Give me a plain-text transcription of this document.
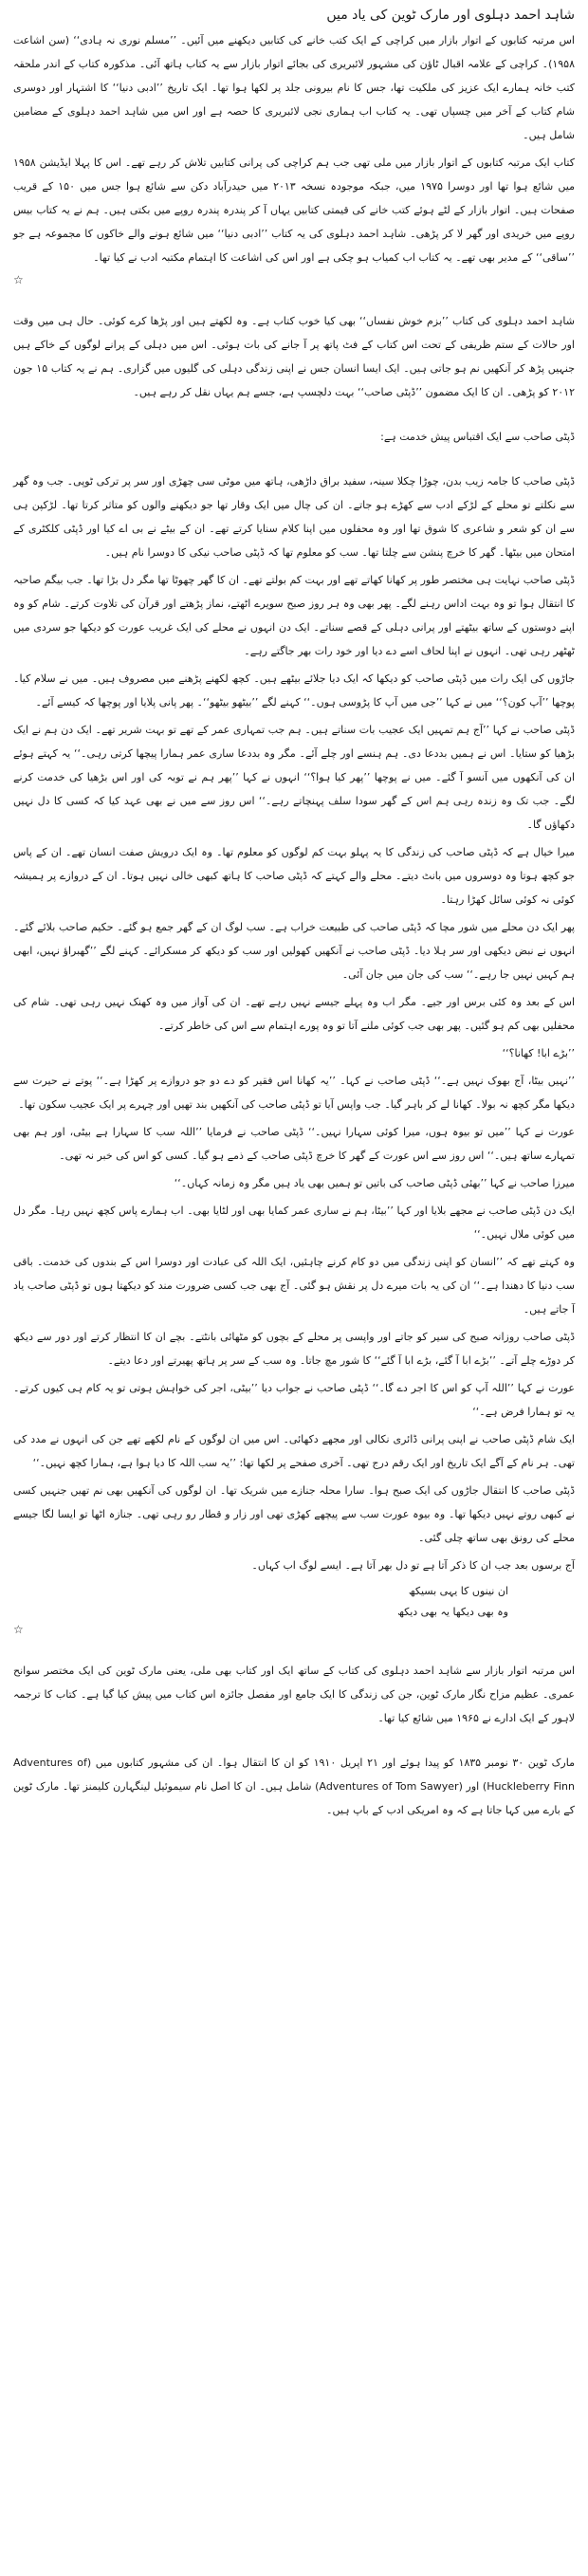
شاہد احمد دہلوی اور مارک ٹوین کی یاد میں

اس مرتبہ کتابوں کے اتوار بازار میں کراچی کے ایک کتب خانے کی کتابیں دیکھنے میں آئیں۔ ’’مسلم نوری نہ ہادی‘‘ (سن اشاعت ۱۹۵۸)۔ کراچی کے علامہ اقبال ٹاؤن کی مشہور لائبریری کی بجائے اتوار بازار سے یہ کتاب ہاتھ آئی۔ مذکورہ کتاب کے اندر ملحقہ کتب خانہ ہمارے ایک عزیز کی ملکیت تھا، جس کا نام بیرونی جلد پر لکھا ہوا تھا۔ ایک تاریخ ’’ادبی دنیا‘‘ کا اشتہار اور دوسری شام کتاب کے آخر میں چسپاں تھی۔ یہ کتاب اب ہماری نجی لائبریری کا حصہ ہے اور اس میں شاہد احمد دہلوی کے مضامین شامل ہیں۔

کتاب ایک مرتبہ کتابوں کے اتوار بازار میں ملی تھی جب ہم کراچی کی پرانی کتابیں تلاش کر رہے تھے۔ اس کا پہلا ایڈیشن ۱۹۵۸ میں شائع ہوا تھا اور دوسرا ۱۹۷۵ میں، جبکہ موجودہ نسخہ ۲۰۱۳ میں حیدرآباد دکن سے شائع ہوا جس میں ۱۵۰ کے قریب صفحات ہیں۔ اتوار بازار کے لٹے ہوئے کتب خانے کی قیمتی کتابیں یہاں آ کر پندرہ پندرہ روپے میں بکتی ہیں۔ ہم نے یہ کتاب بیس روپے میں خریدی اور گھر لا کر پڑھی۔ شاہد احمد دہلوی کی یہ کتاب ’’ادبی دنیا‘‘ میں شائع ہونے والے خاکوں کا مجموعہ ہے جو ’’ساقی‘‘ کے مدیر بھی تھے۔ یہ کتاب اب کمیاب ہو چکی ہے اور اس کی اشاعت کا اہتمام مکتبہ ادب نے کیا تھا۔

☆

شاہد احمد دہلوی کی کتاب ’’بزم خوش نفساں‘‘ بھی کیا خوب کتاب ہے۔ وہ لکھتے ہیں اور پڑھا کرے کوئی۔ حال ہی میں وقت اور حالات کے ستم ظریفی کے تحت اس کتاب کے فٹ پاتھ پر آ جانے کی بات ہوئی۔ اس میں دہلی کے پرانے لوگوں کے خاکے ہیں جنہیں پڑھ کر آنکھیں نم ہو جاتی ہیں۔ ایک ایسا انسان جس نے اپنی زندگی دہلی کی گلیوں میں گزاری۔ ہم نے یہ کتاب ۱۵ جون ۲۰۱۲ کو پڑھی۔ ان کا ایک مضمون ’’ڈپٹی صاحب‘‘ بہت دلچسپ ہے، جسے ہم یہاں نقل کر رہے ہیں۔

ڈپٹی صاحب سے ایک اقتباس پیش خدمت ہے:

ڈپٹی صاحب کا جامہ زیب بدن، چوڑا چکلا سینہ، سفید براق داڑھی، ہاتھ میں موٹی سی چھڑی اور سر پر ترکی ٹوپی۔ جب وہ گھر سے نکلتے تو محلے کے لڑکے ادب سے کھڑے ہو جاتے۔ ان کی چال میں ایک وقار تھا جو دیکھنے والوں کو متاثر کرتا تھا۔ لڑکپن ہی سے ان کو شعر و شاعری کا شوق تھا اور وہ محفلوں میں اپنا کلام سنایا کرتے تھے۔ ان کے بیٹے نے بی اے کیا اور ڈپٹی کلکٹری کے امتحان میں بیٹھا۔ گھر کا خرچ پنشن سے چلتا تھا۔ سب کو معلوم تھا کہ ڈپٹی صاحب نیکی کا دوسرا نام ہیں۔

ڈپٹی صاحب نہایت ہی مختصر طور پر کھانا کھاتے تھے اور بہت کم بولتے تھے۔ ان کا گھر چھوٹا تھا مگر دل بڑا تھا۔ جب بیگم صاحبہ کا انتقال ہوا تو وہ بہت اداس رہنے لگے۔ پھر بھی وہ ہر روز صبح سویرے اٹھتے، نماز پڑھتے اور قرآن کی تلاوت کرتے۔ شام کو وہ اپنے دوستوں کے ساتھ بیٹھتے اور پرانی دہلی کے قصے سناتے۔ ایک دن انہوں نے محلے کی ایک غریب عورت کو دیکھا جو سردی میں ٹھٹھر رہی تھی۔ انہوں نے اپنا لحاف اسے دے دیا اور خود رات بھر جاگتے رہے۔

جاڑوں کی ایک رات میں ڈپٹی صاحب کو دیکھا کہ ایک دیا جلائے بیٹھے ہیں۔ کچھ لکھنے پڑھنے میں مصروف ہیں۔ میں نے سلام کیا۔ پوچھا ’’آپ کون؟‘‘ میں نے کہا ’’جی میں آپ کا پڑوسی ہوں۔‘‘ کہنے لگے ’’بیٹھو بیٹھو‘‘۔ پھر پانی پلایا اور پوچھا کہ کیسے آئے۔

ڈپٹی صاحب نے کہا ’’آج ہم تمہیں ایک عجیب بات سناتے ہیں۔ ہم جب تمہاری عمر کے تھے تو بہت شریر تھے۔ ایک دن ہم نے ایک بڑھیا کو ستایا۔ اس نے ہمیں بددعا دی۔ ہم ہنسے اور چلے آئے۔ مگر وہ بددعا ساری عمر ہمارا پیچھا کرتی رہی۔‘‘ یہ کہتے ہوئے ان کی آنکھوں میں آنسو آ گئے۔ میں نے پوچھا ’’پھر کیا ہوا؟‘‘ انہوں نے کہا ’’پھر ہم نے توبہ کی اور اس بڑھیا کی خدمت کرنے لگے۔ جب تک وہ زندہ رہی ہم اس کے گھر سودا سلف پہنچاتے رہے۔‘‘ اس روز سے میں نے بھی عہد کیا کہ کسی کا دل نہیں دکھاؤں گا۔

میرا خیال ہے کہ ڈپٹی صاحب کی زندگی کا یہ پہلو بہت کم لوگوں کو معلوم تھا۔ وہ ایک درویش صفت انسان تھے۔ ان کے پاس جو کچھ ہوتا وہ دوسروں میں بانٹ دیتے۔ محلے والے کہتے کہ ڈپٹی صاحب کا ہاتھ کبھی خالی نہیں ہوتا۔ ان کے دروازے پر ہمیشہ کوئی نہ کوئی سائل کھڑا رہتا۔

پھر ایک دن محلے میں شور مچا کہ ڈپٹی صاحب کی طبیعت خراب ہے۔ سب لوگ ان کے گھر جمع ہو گئے۔ حکیم صاحب بلائے گئے۔ انہوں نے نبض دیکھی اور سر ہلا دیا۔ ڈپٹی صاحب نے آنکھیں کھولیں اور سب کو دیکھ کر مسکرائے۔ کہنے لگے ’’گھبراؤ نہیں، ابھی ہم کہیں نہیں جا رہے۔‘‘ سب کی جان میں جان آئی۔

اس کے بعد وہ کئی برس اور جیے۔ مگر اب وہ پہلے جیسے نہیں رہے تھے۔ ان کی آواز میں وہ کھنک نہیں رہی تھی۔ شام کی محفلیں بھی کم ہو گئیں۔ پھر بھی جب کوئی ملنے آتا تو وہ پورے اہتمام سے اس کی خاطر کرتے۔

’’بڑے ابا! کھانا؟‘‘

’’نہیں بیٹا، آج بھوک نہیں ہے۔‘‘ ڈپٹی صاحب نے کہا۔ ’’یہ کھانا اس فقیر کو دے دو جو دروازے پر کھڑا ہے۔‘‘ پوتے نے حیرت سے دیکھا مگر کچھ نہ بولا۔ کھانا لے کر باہر گیا۔ جب واپس آیا تو ڈپٹی صاحب کی آنکھیں بند تھیں اور چہرے پر ایک عجیب سکون تھا۔

عورت نے کہا ’’میں تو بیوہ ہوں، میرا کوئی سہارا نہیں۔‘‘ ڈپٹی صاحب نے فرمایا ’’اللہ سب کا سہارا ہے بیٹی، اور ہم بھی تمہارے ساتھ ہیں۔‘‘ اس روز سے اس عورت کے گھر کا خرچ ڈپٹی صاحب کے ذمے ہو گیا۔ کسی کو اس کی خبر نہ تھی۔

میرزا صاحب نے کہا ’’بھئی ڈپٹی صاحب کی باتیں تو ہمیں بھی یاد ہیں مگر وہ زمانہ کہاں۔‘‘

ایک دن ڈپٹی صاحب نے مجھے بلایا اور کہا ’’بیٹا، ہم نے ساری عمر کمایا بھی اور لٹایا بھی۔ اب ہمارے پاس کچھ نہیں رہا۔ مگر دل میں کوئی ملال نہیں۔‘‘

وہ کہتے تھے کہ ’’انسان کو اپنی زندگی میں دو کام کرنے چاہئیں، ایک اللہ کی عبادت اور دوسرا اس کے بندوں کی خدمت۔ باقی سب دنیا کا دھندا ہے۔‘‘ ان کی یہ بات میرے دل پر نقش ہو گئی۔ آج بھی جب کسی ضرورت مند کو دیکھتا ہوں تو ڈپٹی صاحب یاد آ جاتے ہیں۔

ڈپٹی صاحب روزانہ صبح کی سیر کو جاتے اور واپسی پر محلے کے بچوں کو مٹھائی بانٹتے۔ بچے ان کا انتظار کرتے اور دور سے دیکھ کر دوڑے چلے آتے۔ ’’بڑے ابا آ گئے، بڑے ابا آ گئے‘‘ کا شور مچ جاتا۔ وہ سب کے سر پر ہاتھ پھیرتے اور دعا دیتے۔

عورت نے کہا ’’اللہ آپ کو اس کا اجر دے گا۔‘‘ ڈپٹی صاحب نے جواب دیا ’’بیٹی، اجر کی خواہش ہوتی تو یہ کام ہی کیوں کرتے۔ یہ تو ہمارا فرض ہے۔‘‘

ایک شام ڈپٹی صاحب نے اپنی پرانی ڈائری نکالی اور مجھے دکھائی۔ اس میں ان لوگوں کے نام لکھے تھے جن کی انہوں نے مدد کی تھی۔ ہر نام کے آگے ایک تاریخ اور ایک رقم درج تھی۔ آخری صفحے پر لکھا تھا: ’’یہ سب اللہ کا دیا ہوا ہے، ہمارا کچھ نہیں۔‘‘

ڈپٹی صاحب کا انتقال جاڑوں کی ایک صبح ہوا۔ سارا محلہ جنازے میں شریک تھا۔ ان لوگوں کی آنکھیں بھی نم تھیں جنہیں کسی نے کبھی روتے نہیں دیکھا تھا۔ وہ بیوہ عورت سب سے پیچھے کھڑی تھی اور زار و قطار رو رہی تھی۔ جنازہ اٹھا تو ایسا لگا جیسے محلے کی رونق بھی ساتھ چلی گئی۔

آج برسوں بعد جب ان کا ذکر آتا ہے تو دل بھر آتا ہے۔ ایسے لوگ اب کہاں۔

ان نینوں کا یہی بسیکھ
وہ بھی دیکھا یہ بھی دیکھ
☆

اس مرتبہ اتوار بازار سے شاہد احمد دہلوی کی کتاب کے ساتھ ایک اور کتاب بھی ملی، یعنی مارک ٹوین کی ایک مختصر سوانح عمری۔ عظیم مزاح نگار مارک ٹوین، جن کی زندگی کا ایک جامع اور مفصل جائزہ اس کتاب میں پیش کیا گیا ہے۔ کتاب کا ترجمہ لاہور کے ایک ادارے نے ۱۹۶۵ میں شائع کیا تھا۔

مارک ٹوین ۳۰ نومبر ۱۸۳۵ کو پیدا ہوئے اور ۲۱ اپریل ۱۹۱۰ کو ان کا انتقال ہوا۔ ان کی مشہور کتابوں میں (Adventures of Huckleberry Finn) اور (Adventures of Tom Sawyer) شامل ہیں۔ ان کا اصل نام سیموئیل لینگہارن کلیمنز تھا۔ مارک ٹوین کے بارے میں کہا جاتا ہے کہ وہ امریکی ادب کے باپ ہیں۔
